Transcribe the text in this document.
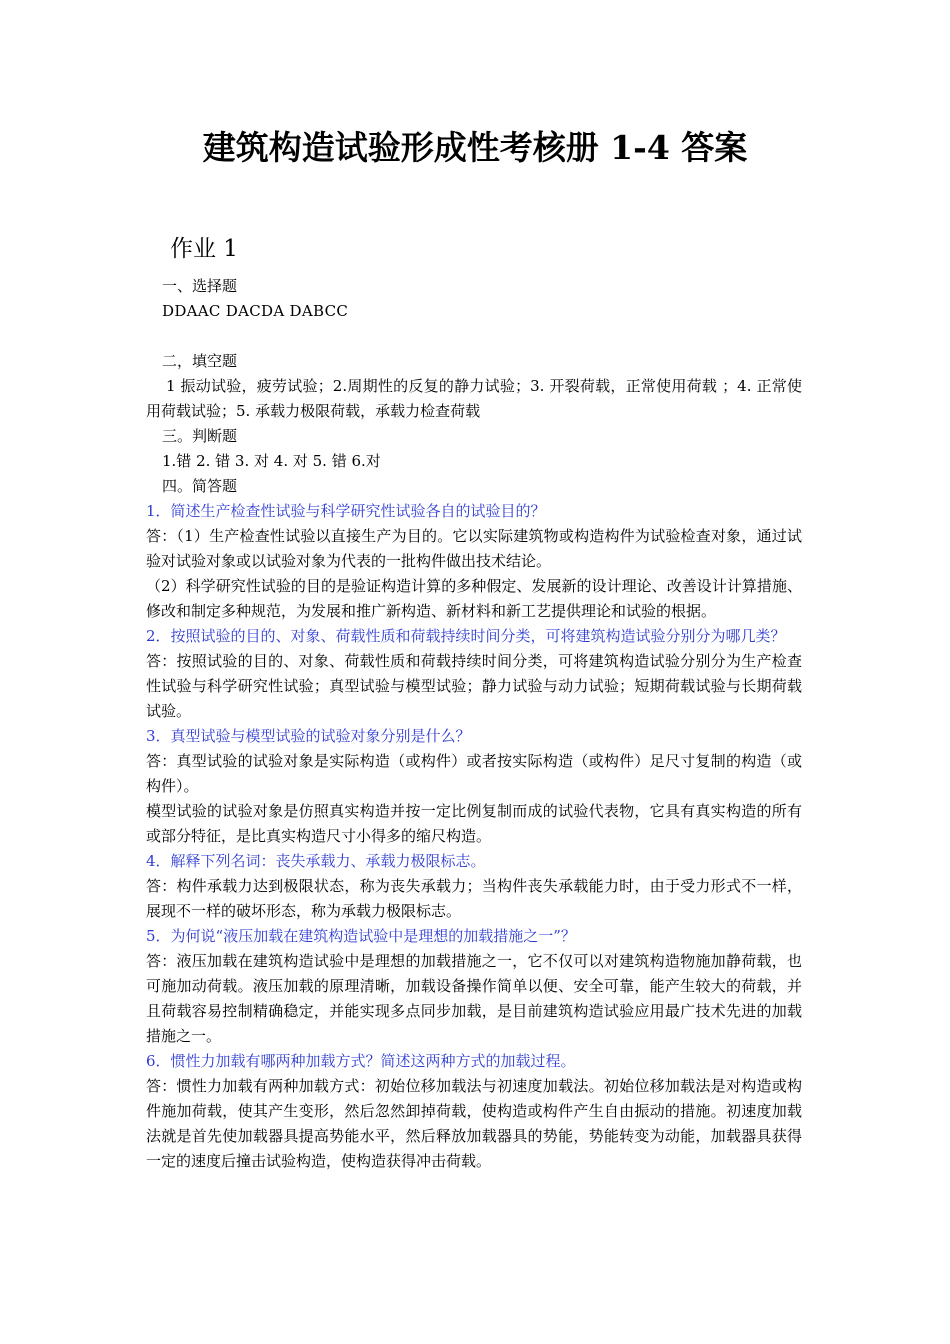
建筑构造试验形成性考核册 1-4 答案
作业 1
一、选择题
DDAAC DACDA DABCC
二，填空题
1 振动试验，疲劳试验；2.周期性的反复的静力试验；3. 开裂荷载，正常使用荷载 ；4. 正常使用荷载试验；5. 承载力极限荷载，承载力检查荷载
三。判断题
1.错 2. 错 3. 对 4. 对 5. 错 6.对
四。简答题

1．简述生产检查性试验与科学研究性试验各自的试验目的？

答：（1）生产检查性试验以直接生产为目的。它以实际建筑物或构造构件为试验检查对象，通过试验对试验对象或以试验对象为代表的一批构件做出技术结论。

（2）科学研究性试验的目的是验证构造计算的多种假定、发展新的设计理论、改善设计计算措施、修改和制定多种规范，为发展和推广新构造、新材料和新工艺提供理论和试验的根据。

2．按照试验的目的、对象、荷载性质和荷载持续时间分类，可将建筑构造试验分别分为哪几类？

答：按照试验的目的、对象、荷载性质和荷载持续时间分类，可将建筑构造试验分别分为生产检查性试验与科学研究性试验；真型试验与模型试验；静力试验与动力试验；短期荷载试验与长期荷载试验。

3．真型试验与模型试验的试验对象分别是什么？

答：真型试验的试验对象是实际构造（或构件）或者按实际构造（或构件）足尺寸复制的构造（或构件）。

模型试验的试验对象是仿照真实构造并按一定比例复制而成的试验代表物，它具有真实构造的所有或部分特征，是比真实构造尺寸小得多的缩尺构造。

4．解释下列名词：丧失承载力、承载力极限标志。

答：构件承载力达到极限状态，称为丧失承载力；当构件丧失承载能力时，由于受力形式不一样，展现不一样的破坏形态，称为承载力极限标志。

5．为何说“液压加载在建筑构造试验中是理想的加载措施之一”？

答：液压加载在建筑构造试验中是理想的加载措施之一，它不仅可以对建筑构造物施加静荷载，也可施加动荷载。液压加载的原理清晰，加载设备操作简单以便、安全可靠，能产生较大的荷载，并且荷载容易控制精确稳定，并能实现多点同步加载，是目前建筑构造试验应用最广技术先进的加载措施之一。

6．惯性力加载有哪两种加载方式？简述这两种方式的加载过程。

答：惯性力加载有两种加载方式：初始位移加载法与初速度加载法。初始位移加载法是对构造或构件施加荷载，使其产生变形，然后忽然卸掉荷载，使构造或构件产生自由振动的措施。初速度加载法就是首先使加载器具提高势能水平，然后释放加载器具的势能，势能转变为动能，加载器具获得一定的速度后撞击试验构造，使构造获得冲击荷载。
